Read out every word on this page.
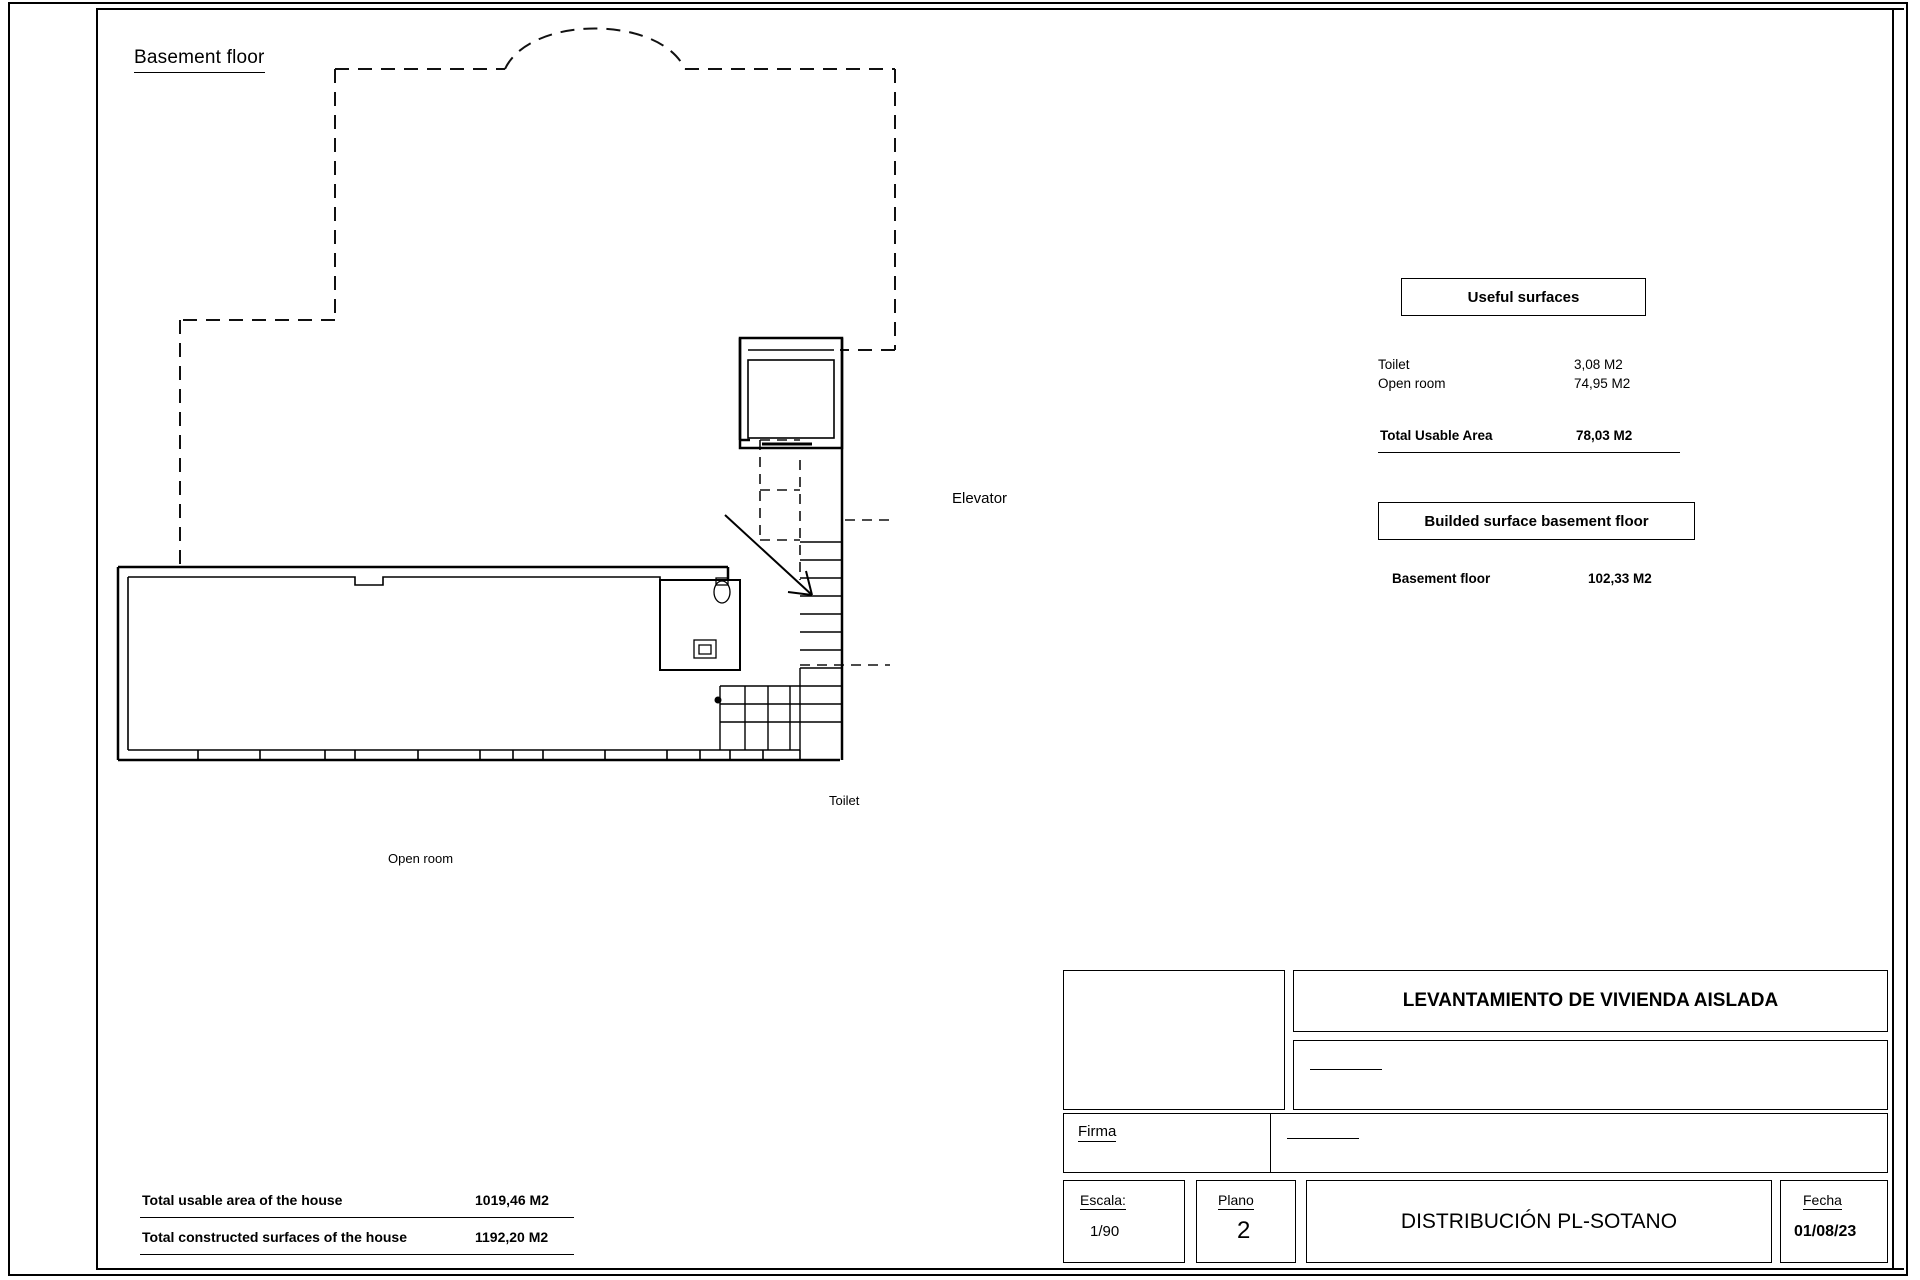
Basement floor
Elevator
Toilet
Open room
Useful surfaces
Toilet	3,08 M2
Open room	74,95 M2
Total Usable Area	78,03 M2
Builded surface basement floor
Basement floor	102,33 M2
Total usable area of the house	1019,46 M2
Total constructed surfaces of the house	1192,20 M2
LEVANTAMIENTO DE VIVIENDA AISLADA
Firma
Escala:
1/90
Plano
2	DISTRIBUCIÓN PL-SOTANO
Fecha
01/08/23
